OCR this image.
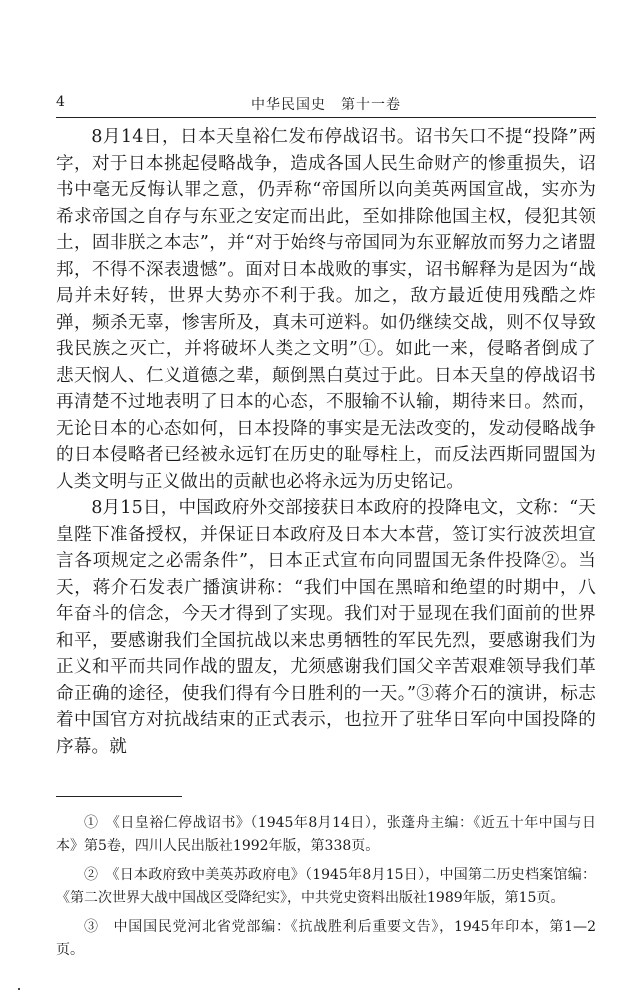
4	中华民国史　第十一卷

8月14日，日本天皇裕仁发布停战诏书。诏书矢口不提“投降”两字，对于日本挑起侵略战争，造成各国人民生命财产的惨重损失，诏书中毫无反悔认罪之意，仍弄称“帝国所以向美英两国宣战，实亦为希求帝国之自存与东亚之安定而出此，至如排除他国主权，侵犯其领土，固非朕之本志”，并“对于始终与帝国同为东亚解放而努力之诸盟邦，不得不深表遗憾”。面对日本战败的事实，诏书解释为是因为“战局并未好转，世界大势亦不利于我。加之，敌方最近使用残酷之炸弹，频杀无辜，惨害所及，真未可逆料。如仍继续交战，则不仅导致我民族之灭亡，并将破坏人类之文明”①。如此一来，侵略者倒成了悲天悯人、仁义道德之辈，颠倒黑白莫过于此。日本天皇的停战诏书再清楚不过地表明了日本的心态，不服输不认输，期待来日。然而，无论日本的心态如何，日本投降的事实是无法改变的，发动侵略战争的日本侵略者已经被永远钉在历史的耻辱柱上，而反法西斯同盟国为人类文明与正义做出的贡献也必将永远为历史铭记。

8月15日，中国政府外交部接获日本政府的投降电文，文称：“天皇陛下准备授权，并保证日本政府及日本大本营，签订实行波茨坦宣言各项规定之必需条件”，日本正式宣布向同盟国无条件投降②。当天，蒋介石发表广播演讲称：“我们中国在黑暗和绝望的时期中，八年奋斗的信念，今天才得到了实现。我们对于显现在我们面前的世界和平，要感谢我们全国抗战以来忠勇牺牲的军民先烈，要感谢我们为正义和平而共同作战的盟友，尤须感谢我们国父辛苦艰难领导我们革命正确的途径，使我们得有今日胜利的一天。”③蒋介石的演讲，标志着中国官方对抗战结束的正式表示，也拉开了驻华日军向中国投降的序幕。就

①　《日皇裕仁停战诏书》（1945年8月14日），张蓬舟主编：《近五十年中国与日本》第5卷，四川人民出版社1992年版，第338页。

②　《日本政府致中美英苏政府电》（1945年8月15日），中国第二历史档案馆编：《第二次世界大战中国战区受降纪实》，中共党史资料出版社1989年版，第15页。

③　中国国民党河北省党部编：《抗战胜利后重要文告》，1945年印本，第1—2页。
